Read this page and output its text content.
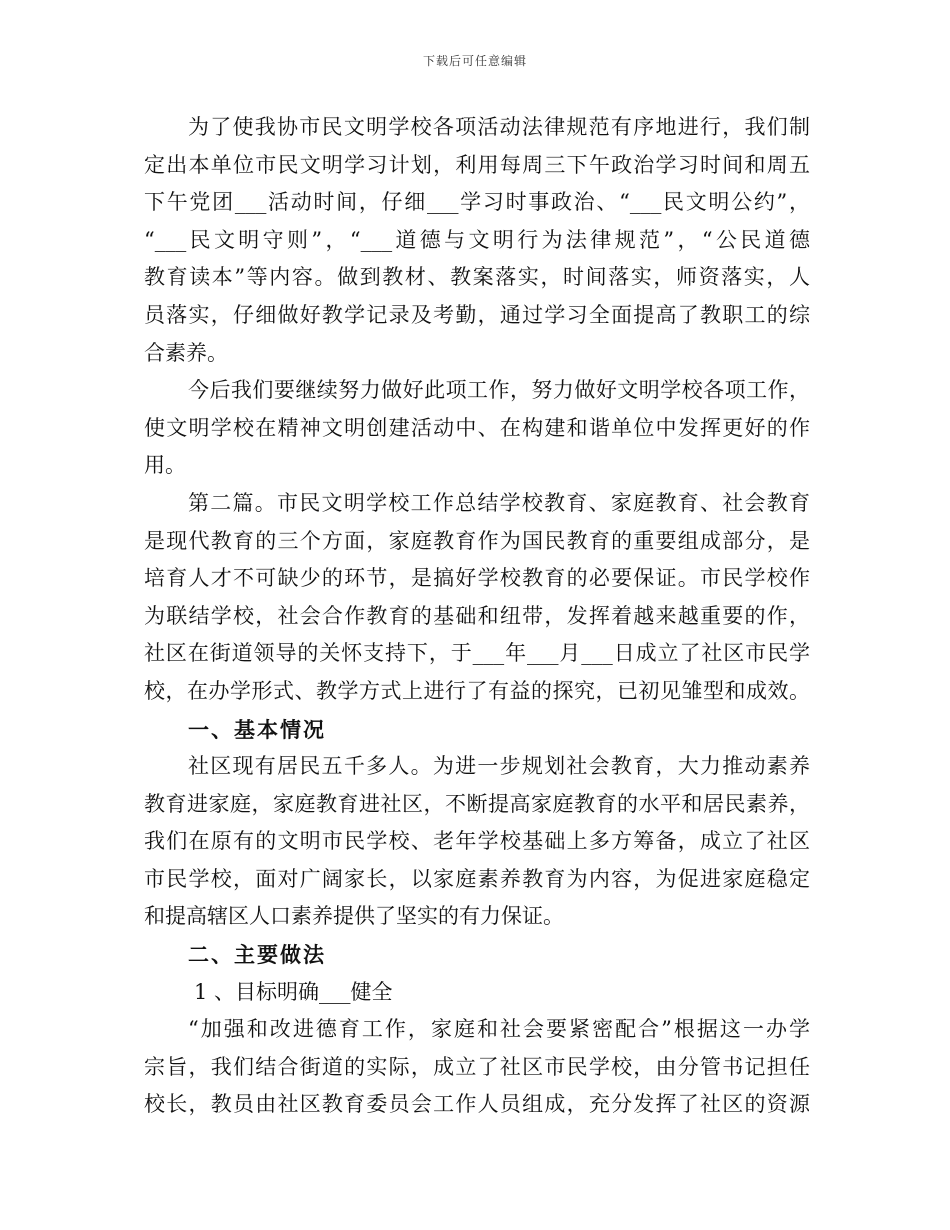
下载后可任意编辑
为了使我协市民文明学校各项活动法律规范有序地进行，我们制
定出本单位市民文明学习计划，利用每周三下午政治学习时间和周五
下午党团___活动时间，仔细___学习时事政治、“___民文明公约”，
“___民文明守则”，“___道德与文明行为法律规范”，“公民道德
教育读本”等内容。做到教材、教案落实，时间落实，师资落实，人
员落实，仔细做好教学记录及考勤，通过学习全面提高了教职工的综
合素养。
今后我们要继续努力做好此项工作，努力做好文明学校各项工作，
使文明学校在精神文明创建活动中、在构建和谐单位中发挥更好的作
用。
第二篇。市民文明学校工作总结学校教育、家庭教育、社会教育
是现代教育的三个方面，家庭教育作为国民教育的重要组成部分，是
培育人才不可缺少的环节，是搞好学校教育的必要保证。市民学校作
为联结学校，社会合作教育的基础和纽带，发挥着越来越重要的作，
社区在街道领导的关怀支持下，于___年___月___日成立了社区市民学
校，在办学形式、教学方式上进行了有益的探究，已初见雏型和成效。
一、基本情况
社区现有居民五千多人。为进一步规划社会教育，大力推动素养
教育进家庭，家庭教育进社区，不断提高家庭教育的水平和居民素养，
我们在原有的文明市民学校、老年学校基础上多方筹备，成立了社区
市民学校，面对广阔家长，以家庭素养教育为内容，为促进家庭稳定
和提高辖区人口素养提供了坚实的有力保证。
二、主要做法
1 、目标明确___健全
“加强和改进德育工作，家庭和社会要紧密配合”根据这一办学
宗旨，我们结合街道的实际，成立了社区市民学校，由分管书记担任
校长，教员由社区教育委员会工作人员组成，充分发挥了社区的资源
